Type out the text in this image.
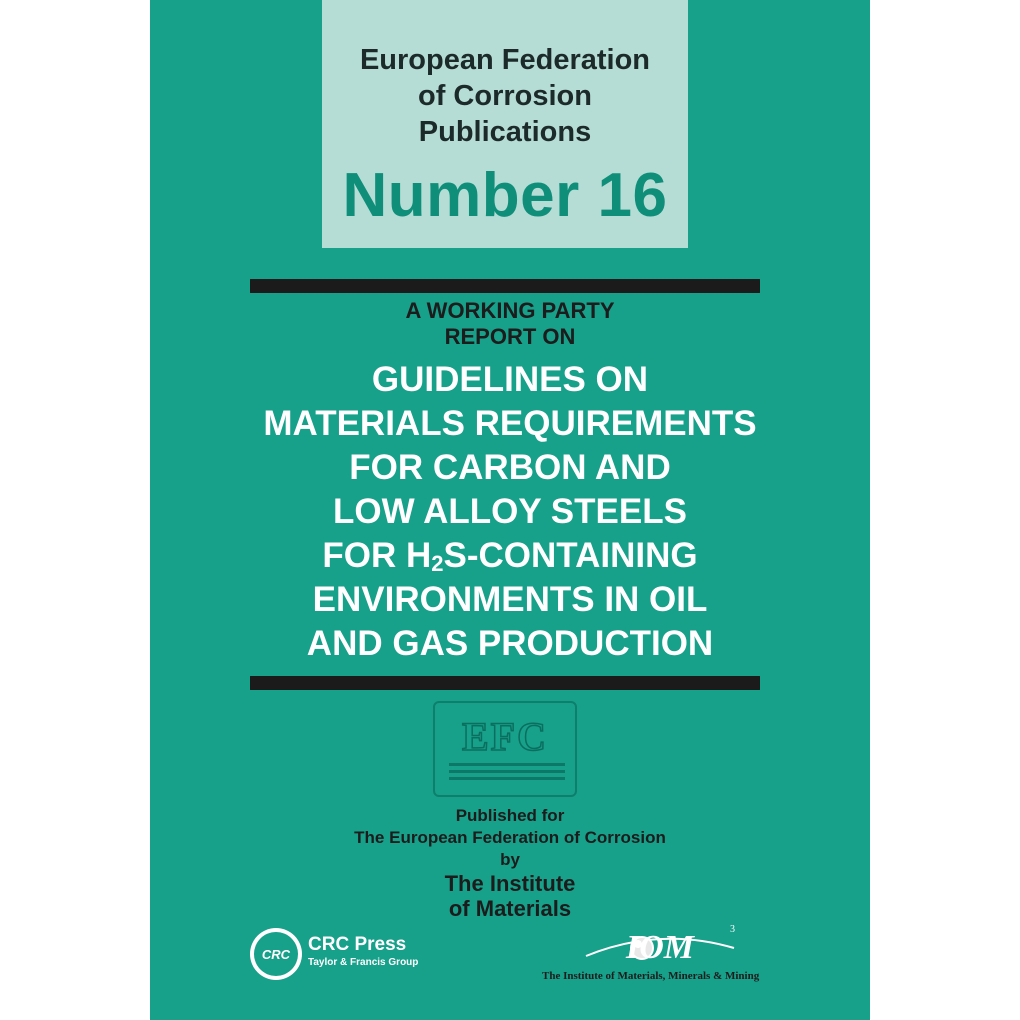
European Federation
of Corrosion
Publications
Number 16
A WORKING PARTY
REPORT ON
GUIDELINES ON
MATERIALS REQUIREMENTS
FOR CARBON AND
LOW ALLOY STEELS
FOR $H_2S$-CONTAINING
ENVIRONMENTS IN OIL
AND GAS PRODUCTION
EFC
Published for
The European Federation of Corrosion
by
The Institute
of Materials
CRC CRC Press
Taylor & Francis Group	IOM	3
The Institute of Materials, Minerals & Mining
